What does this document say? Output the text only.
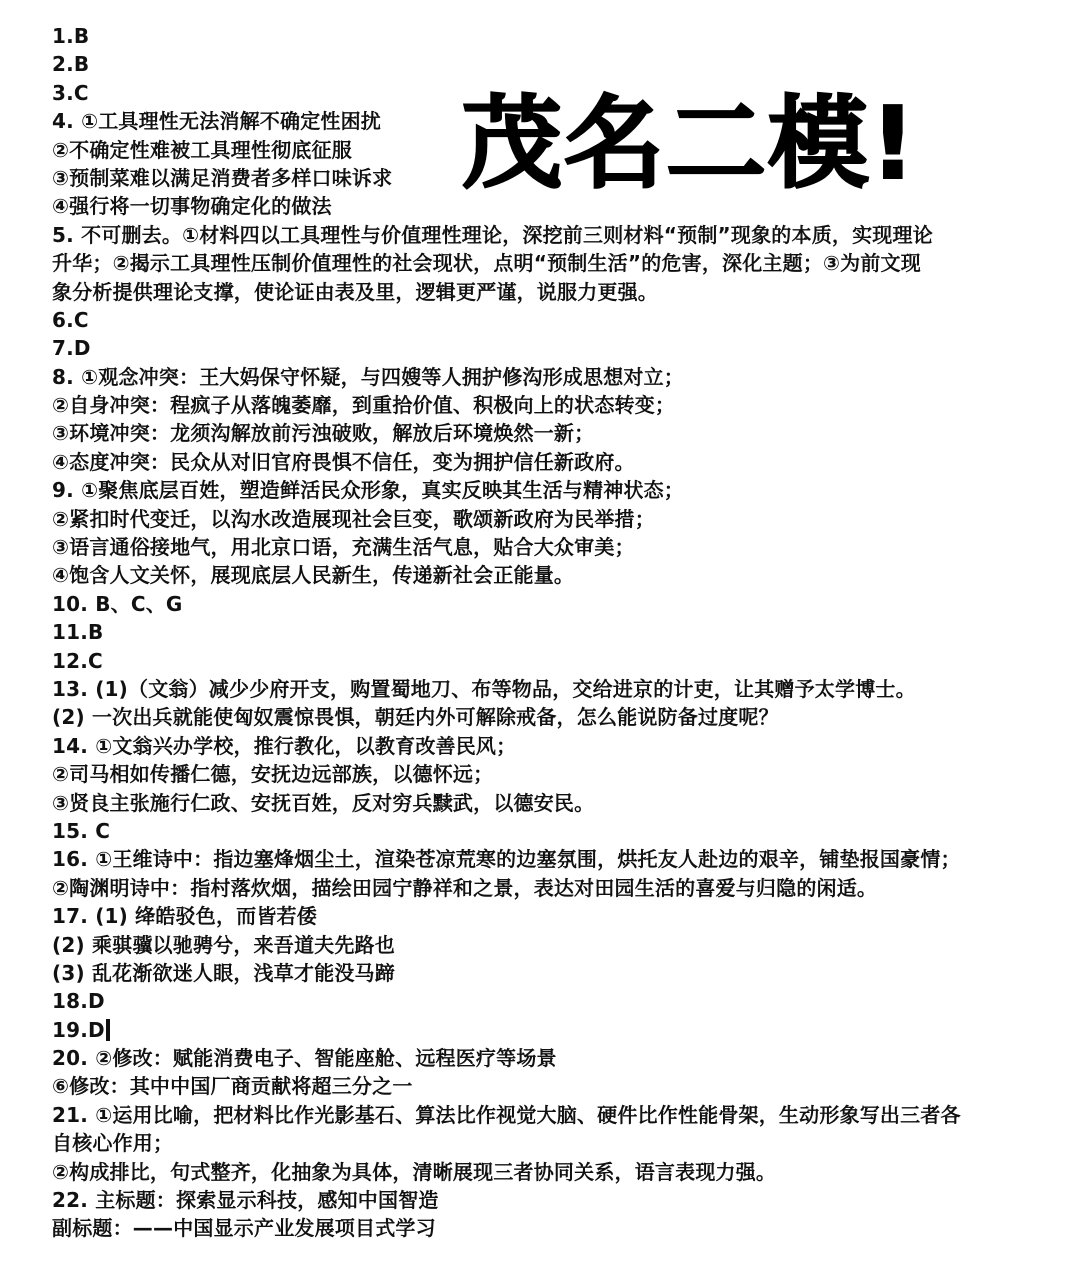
1.B
2.B
3.C
4. ①工具理性无法消解不确定性困扰
②不确定性难被工具理性彻底征服
③预制菜难以满足消费者多样口味诉求
④强行将一切事物确定化的做法
5. 不可删去。①材料四以工具理性与价值理性理论，深挖前三则材料“预制”现象的本质，实现理论
升华；②揭示工具理性压制价值理性的社会现状，点明“预制生活”的危害，深化主题；③为前文现
象分析提供理论支撑，使论证由表及里，逻辑更严谨，说服力更强。
6.C
7.D
8. ①观念冲突：王大妈保守怀疑，与四嫂等人拥护修沟形成思想对立；
②自身冲突：程疯子从落魄萎靡，到重拾价值、积极向上的状态转变；
③环境冲突：龙须沟解放前污浊破败，解放后环境焕然一新；
④态度冲突：民众从对旧官府畏惧不信任，变为拥护信任新政府。
9. ①聚焦底层百姓，塑造鲜活民众形象，真实反映其生活与精神状态；
②紧扣时代变迁，以沟水改造展现社会巨变，歌颂新政府为民举措；
③语言通俗接地气，用北京口语，充满生活气息，贴合大众审美；
④饱含人文关怀，展现底层人民新生，传递新社会正能量。
10. B、C、G
11.B
12.C
13. (1)（文翁）减少少府开支，购置蜀地刀、布等物品，交给进京的计吏，让其赠予太学博士。
(2) 一次出兵就能使匈奴震惊畏惧，朝廷内外可解除戒备，怎么能说防备过度呢？
14. ①文翁兴办学校，推行教化，以教育改善民风；
②司马相如传播仁德，安抚边远部族，以德怀远；
③贤良主张施行仁政、安抚百姓，反对穷兵黩武，以德安民。
15. C
16. ①王维诗中：指边塞烽烟尘土，渲染苍凉荒寒的边塞氛围，烘托友人赴边的艰辛，铺垫报国豪情；
②陶渊明诗中：指村落炊烟，描绘田园宁静祥和之景，表达对田园生活的喜爱与归隐的闲适。
17. (1) 绛皓驳色，而皆若倭
(2) 乘骐骥以驰骋兮，来吾道夫先路也
(3) 乱花渐欲迷人眼，浅草才能没马蹄
18.D
19.D
20. ②修改：赋能消费电子、智能座舱、远程医疗等场景
⑥修改：其中中国厂商贡献将超三分之一
21. ①运用比喻，把材料比作光影基石、算法比作视觉大脑、硬件比作性能骨架，生动形象写出三者各
自核心作用；
②构成排比，句式整齐，化抽象为具体，清晰展现三者协同关系，语言表现力强。
22. 主标题：探索显示科技，感知中国智造
副标题：——中国显示产业发展项目式学习
茂名二模!
